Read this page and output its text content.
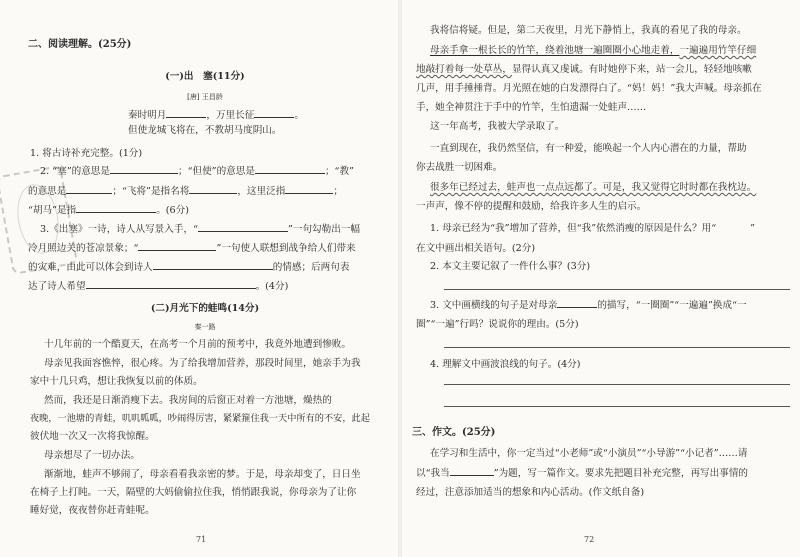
二、阅读理解。(25分)
(一)出　塞(11分)
[唐] 王昌龄
秦时明月	，万里长征	。
但使龙城飞将在，不教胡马度阴山。
1. 将古诗补充完整。(1分)
2. “塞”的意思是	；“但使”的意思是	；“教”
的意思是	；“飞将”是指名将	，这里泛指	；
“胡马”是指	。(6分)
3.《出塞》一诗，诗人从写景入手，“	”一句勾勒出一幅
冷月照边关的苍凉景象；“	”一句使人联想到战争给人们带来
的灾难，由此可以体会到诗人	的情感；后两句表
达了诗人希望	。(4分)
(二)月光下的蛙鸣(14分)
秦一路
十几年前的一个酷夏天，在高考一个月前的预考中，我竟外地遭到惨败。
母亲见我面容憔悴，很心疼。为了给我增加营养，那段时间里，她亲手为我
家中十几只鸡，想让我恢复以前的体质。
然而，我还是日渐消瘦下去。我房间的后窗正对着一方池塘，燥热的
夜晚，一池塘的青蛙，叽叽呱呱，吵闹得厉害，紧紧箍住我一天中所有的不安，此起
彼伏地一次又一次将我惊醒。
母亲想尽了一切办法。
渐渐地，蛙声不够闹了，母亲看看我亲密的梦。于是，母亲却变了，日日坐
在椅子上打盹。一天，隔壁的大妈偷偷拉住我，悄悄跟我说，你母亲为了让你
睡好觉，夜夜替你赶青蛙呢。
71
我将信将疑。但是，第二天夜里，月光下静悄上，我真的看见了我的母亲。
母亲手拿一根长长的竹竿，绕着池塘一遍圈圈小心地走着，一遍遍用竹竿仔细
地敲打着每一处草丛，显得认真又虔诚。有时她停下来，站一会儿，轻轻地咳嗽
几声，用手捶捶背。月光照在她的白发漂得白了。“妈！妈！”我大声喊。母亲抓在
手，她全神贯注于手中的竹竿，生怕遗漏一处蛙声……
这一年高考，我被大学录取了。
一直到现在，我仍然坚信，有一种爱，能唤起一个人内心潜在的力量，帮助
你去战胜一切困难。
很多年已经过去，蛙声也一点点远都了。可是，我又觉得它时时都在我枕边。
一声声，像不停的提醒和鼓励，给我许多人生的启示。
1. 母亲已经为“我”增加了营养，但“我”依然消瘦的原因是什么？用“	”
在文中画出相关语句。(2分)
2. 本文主要记叙了一件什么事？(3分)
3. 文中画横线的句子是对母亲	的描写，“一圈圈”“一遍遍”换成“一
圈”“一遍”行吗？说说你的理由。(5分)
4. 理解文中画波浪线的句子。(4分)
三、作文。(25分)
在学习和生活中，你一定当过“小老师”或“小演员”“小导游”“小记者”……请
以“我当	”为题，写一篇作文。要求先把题目补充完整，再写出事情的
经过，注意添加适当的想象和内心活动。(作文纸自备)
72
